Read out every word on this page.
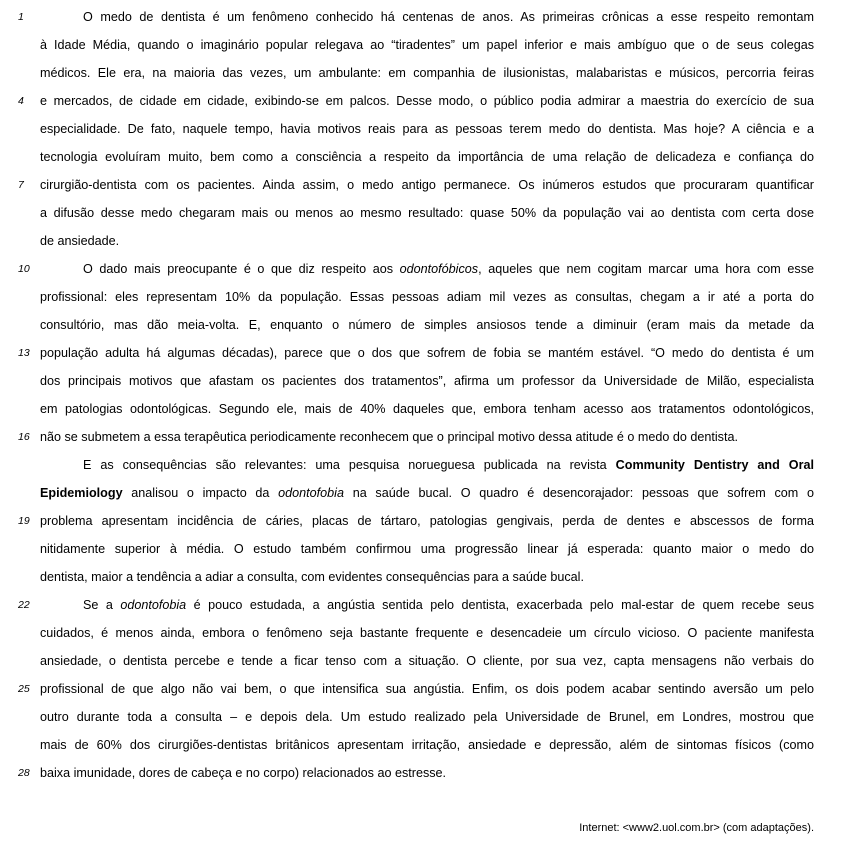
1
4
7
10
13
16
19
22
25
28
O medo de dentista é um fenômeno conhecido há centenas de anos. As primeiras crônicas a esse respeito remontam
à Idade Média, quando o imaginário popular relegava ao “tiradentes” um papel inferior e mais ambíguo que o de seus colegas
médicos. Ele era, na maioria das vezes, um ambulante: em companhia de ilusionistas, malabaristas e músicos, percorria feiras
e mercados, de cidade em cidade, exibindo-se em palcos. Desse modo, o público podia admirar a maestria do exercício de sua
especialidade. De fato, naquele tempo, havia motivos reais para as pessoas terem medo do dentista. Mas hoje? A ciência e a
tecnologia evoluíram muito, bem como a consciência a respeito da importância de uma relação de delicadeza e confiança do
cirurgião-dentista com os pacientes. Ainda assim, o medo antigo permanece. Os inúmeros estudos que procuraram quantificar
a difusão desse medo chegaram mais ou menos ao mesmo resultado: quase 50% da população vai ao dentista com certa dose
de ansiedade.
O dado mais preocupante é o que diz respeito aos odontofóbicos, aqueles que nem cogitam marcar uma hora com esse
profissional: eles representam 10% da população. Essas pessoas adiam mil vezes as consultas, chegam a ir até a porta do
consultório, mas dão meia-volta. E, enquanto o número de simples ansiosos tende a diminuir (eram mais da metade da
população adulta há algumas décadas), parece que o dos que sofrem de fobia se mantém estável. “O medo do dentista é um
dos principais motivos que afastam os pacientes dos tratamentos”, afirma um professor da Universidade de Milão, especialista
em patologias odontológicas. Segundo ele, mais de 40% daqueles que, embora tenham acesso aos tratamentos odontológicos,
não se submetem a essa terapêutica periodicamente reconhecem que o principal motivo dessa atitude é o medo do dentista.
E as consequências são relevantes: uma pesquisa norueguesa publicada na revista Community Dentistry and Oral
Epidemiology analisou o impacto da odontofobia na saúde bucal. O quadro é desencorajador: pessoas que sofrem com o
problema apresentam incidência de cáries, placas de tártaro, patologias gengivais, perda de dentes e abscessos de forma
nitidamente superior à média. O estudo também confirmou uma progressão linear já esperada: quanto maior o medo do
dentista, maior a tendência a adiar a consulta, com evidentes consequências para a saúde bucal.
Se a odontofobia é pouco estudada, a angústia sentida pelo dentista, exacerbada pelo mal-estar de quem recebe seus
cuidados, é menos ainda, embora o fenômeno seja bastante frequente e desencadeie um círculo vicioso. O paciente manifesta
ansiedade, o dentista percebe e tende a ficar tenso com a situação. O cliente, por sua vez, capta mensagens não verbais do
profissional de que algo não vai bem, o que intensifica sua angústia. Enfim, os dois podem acabar sentindo aversão um pelo
outro durante toda a consulta – e depois dela. Um estudo realizado pela Universidade de Brunel, em Londres, mostrou que
mais de 60% dos cirurgiões-dentistas britânicos apresentam irritação, ansiedade e depressão, além de sintomas físicos (como
baixa imunidade, dores de cabeça e no corpo) relacionados ao estresse.
Internet: <www2.uol.com.br> (com adaptações).
